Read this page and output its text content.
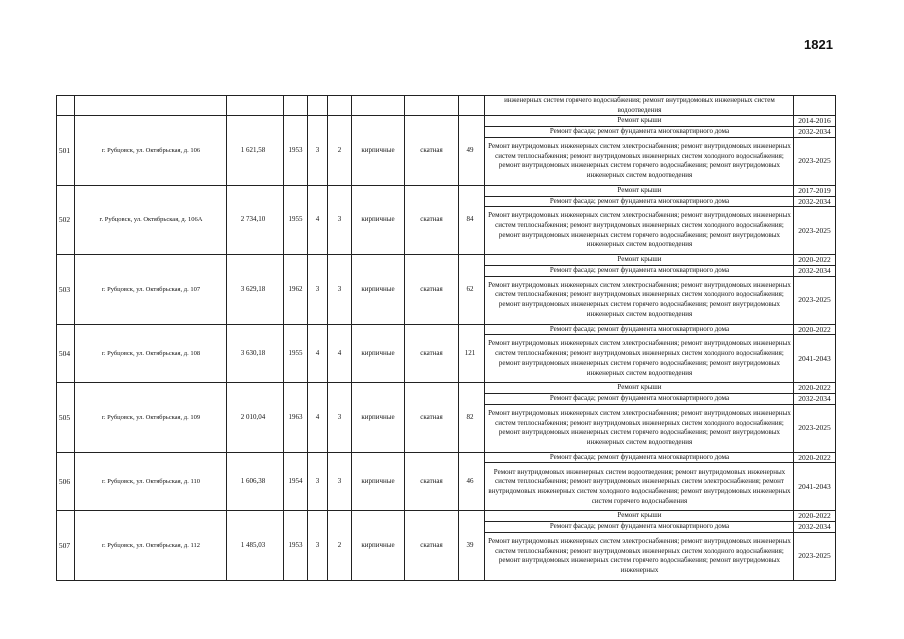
1821
									инженерных систем горячего водоснабжения; ремонт внутридомовых инженерных систем водоотведения	
501	г. Рубцовск, ул. Октябрьская, д. 106	1 621,58	1953	3	2	кирпичные	скатная	49	Ремонт крыши	2014-2016
									Ремонт фасада; ремонт фундамента многоквартирного дома	2032-2034
									Ремонт внутридомовых инженерных систем электроснабжения; ремонт внутридомовых инженерных систем теплоснабжения; ремонт внутридомовых инженерных систем холодного водоснабжения; ремонт внутридомовых инженерных систем горячего водоснабжения; ремонт внутридомовых инженерных систем водоотведения	2023-2025
502	г. Рубцовск, ул. Октябрьская, д. 106А	2 734,10	1955	4	3	кирпичные	скатная	84	Ремонт крыши	2017-2019
									Ремонт фасада; ремонт фундамента многоквартирного дома	2032-2034
									Ремонт внутридомовых инженерных систем электроснабжения; ремонт внутридомовых инженерных систем теплоснабжения; ремонт внутридомовых инженерных систем холодного водоснабжения; ремонт внутридомовых инженерных систем горячего водоснабжения; ремонт внутридомовых инженерных систем водоотведения	2023-2025
503	г. Рубцовск, ул. Октябрьская, д. 107	3 629,18	1962	3	3	кирпичные	скатная	62	Ремонт крыши	2020-2022
									Ремонт фасада; ремонт фундамента многоквартирного дома	2032-2034
									Ремонт внутридомовых инженерных систем электроснабжения; ремонт внутридомовых инженерных систем теплоснабжения; ремонт внутридомовых инженерных систем холодного водоснабжения; ремонт внутридомовых инженерных систем горячего водоснабжения; ремонт внутридомовых инженерных систем водоотведения	2023-2025
504	г. Рубцовск, ул. Октябрьская, д. 108	3 630,18	1955	4	4	кирпичные	скатная	121	Ремонт фасада; ремонт фундамента многоквартирного дома	2020-2022
									Ремонт внутридомовых инженерных систем электроснабжения; ремонт внутридомовых инженерных систем теплоснабжения; ремонт внутридомовых инженерных систем холодного водоснабжения; ремонт внутридомовых инженерных систем горячего водоснабжения; ремонт внутридомовых инженерных систем водоотведения	2041-2043
505	г. Рубцовск, ул. Октябрьская, д. 109	2 010,04	1963	4	3	кирпичные	скатная	82	Ремонт крыши	2020-2022
									Ремонт фасада; ремонт фундамента многоквартирного дома	2032-2034
									Ремонт внутридомовых инженерных систем электроснабжения; ремонт внутридомовых инженерных систем теплоснабжения; ремонт внутридомовых инженерных систем холодного водоснабжения; ремонт внутридомовых инженерных систем горячего водоснабжения; ремонт внутридомовых инженерных систем водоотведения	2023-2025
506	г. Рубцовск, ул. Октябрьская, д. 110	1 606,38	1954	3	3	кирпичные	скатная	46	Ремонт фасада; ремонт фундамента многоквартирного дома	2020-2022
									Ремонт внутридомовых инженерных систем водоотведения; ремонт внутридомовых инженерных систем теплоснабжения; ремонт внутридомовых инженерных систем электроснабжения; ремонт внутридомовых инженерных систем холодного водоснабжения; ремонт внутридомовых инженерных систем горячего водоснабжения	2041-2043
507	г. Рубцовск, ул. Октябрьская, д. 112	1 485,03	1953	3	2	кирпичные	скатная	39	Ремонт крыши	2020-2022
									Ремонт фасада; ремонт фундамента многоквартирного дома	2032-2034
									Ремонт внутридомовых инженерных систем электроснабжения; ремонт внутридомовых инженерных систем теплоснабжения; ремонт внутридомовых инженерных систем холодного водоснабжения; ремонт внутридомовых инженерных систем горячего водоснабжения; ремонт внутридомовых инженерных	2023-2025
